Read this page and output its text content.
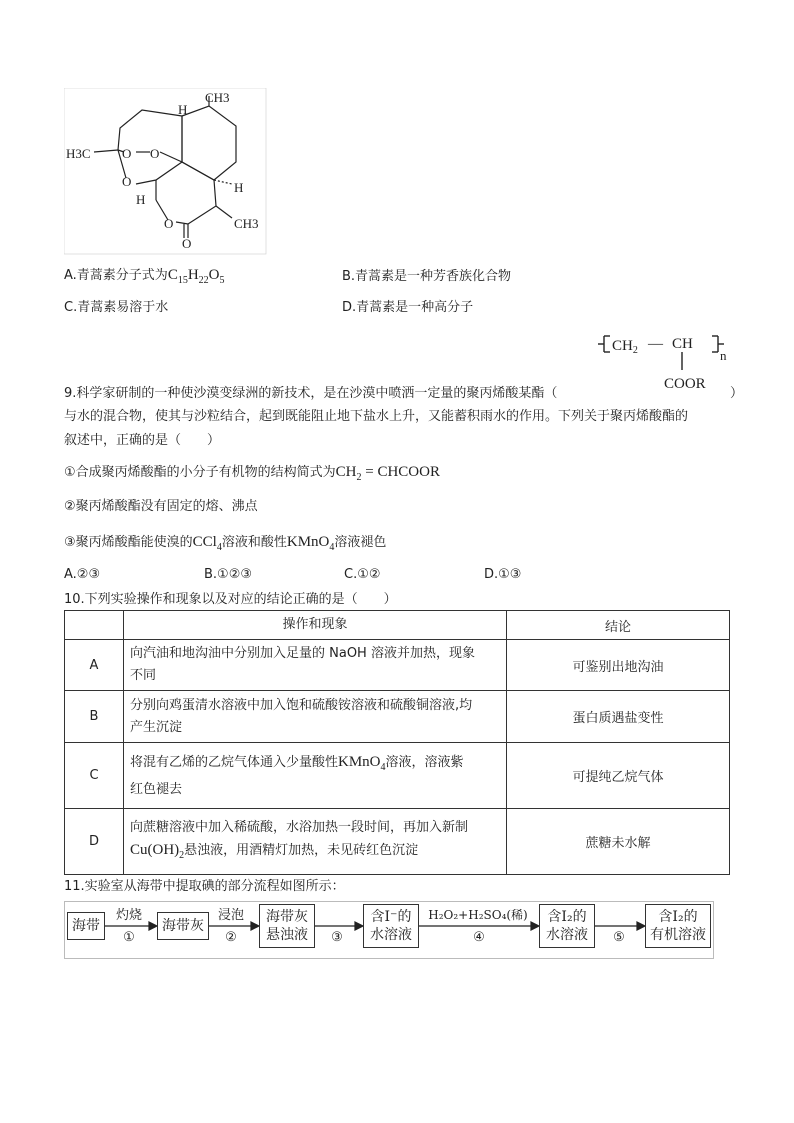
H
CH3
H3C O O
O
H
O
H
CH3
O
A.青蒿素分子式为$C_{15}H_{22}O_5$	B.青蒿素是一种芳香族化合物
C.青蒿素易溶于水	D.青蒿素是一种高分子
$CH_2$ — CH
n
COOR
9.科学家研制的一种使沙漠变绿洲的新技术，是在沙漠中喷洒一定量的聚丙烯酸某酯（	）
与水的混合物，使其与沙粒结合，起到既能阻止地下盐水上升，又能蓄积雨水的作用。下列关于聚丙烯酸酯的
叙述中，正确的是（　　）
①合成聚丙烯酸酯的小分子有机物的结构简式为$CH_2$ = CHCOOR
②聚丙烯酸酯没有固定的熔、沸点
③聚丙烯酸酯能使溴的CCl$_4$溶液和酸性KMnO$_4$溶液褪色
A.②③	B.①②③	C.①②	D.①③
10.下列实验操作和现象以及对应的结论正确的是（　　）
	操作和现象	结论
A	向汽油和地沟油中分别加入足量的 NaOH 溶液并加热，现象
不同	可鉴别出地沟油
B	分别向鸡蛋清水溶液中加入饱和硫酸铵溶液和硫酸铜溶液,均
产生沉淀	蛋白质遇盐变性
C	将混有乙烯的乙烷气体通入少量酸性KMnO$_4$溶液，溶液紫
红色褪去	可提纯乙烷气体
D	向蔗糖溶液中加入稀硫酸，水浴加热一段时间，再加入新制
$Cu(OH)_2$悬浊液，用酒精灯加热，未见砖红色沉淀	蔗糖未水解
11.实验室从海带中提取碘的部分流程如图所示：
海带
灼烧
①
海带灰
浸泡
②
海带灰
悬浊液	③
含I⁻的
水溶液
H₂O₂+H₂SO₄(稀)
④
含I₂的
水溶液	⑤
含I₂的
有机溶液
